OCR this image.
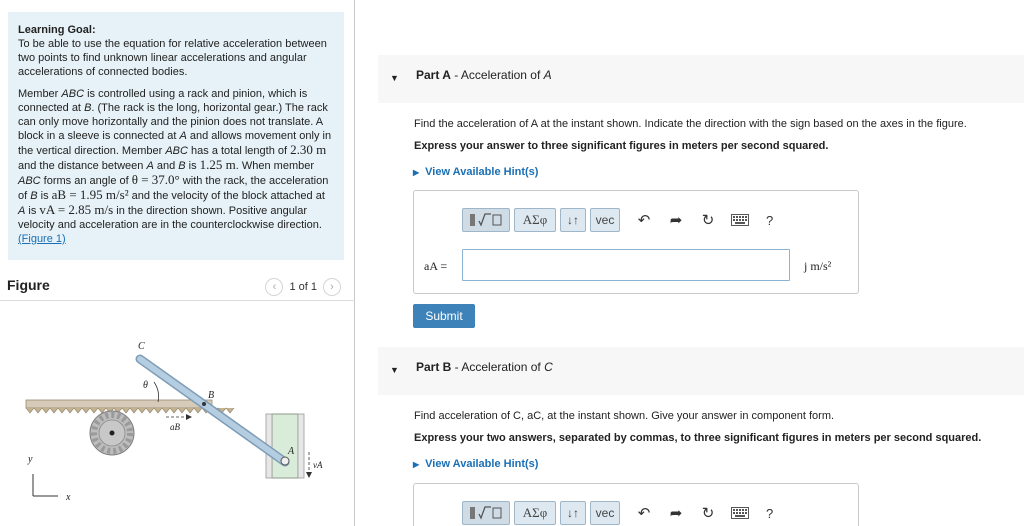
Learning Goal:

To be able to use the equation for relative acceleration between two points to find unknown linear accelerations and angular accelerations of connected bodies.

Member ABC is controlled using a rack and pinion, which is connected at B. (The rack is the long, horizontal gear.) The rack can only move horizontally and the pinion does not translate. A block in a sleeve is connected at A and allows movement only in the vertical direction. Member ABC has a total length of 2.30 m and the distance between A and B is 1.25 m. When member ABC forms an angle of θ = 37.0° with the rack, the acceleration of B is aB = 1.95 m/s² and the velocity of the block attached at A is vA = 2.85 m/s in the direction shown. Positive angular velocity and acceleration are in the counterclockwise direction.(Figure 1)

Figure	‹	1 of 1	›
C
θ
B
aB
A
vA
y
x
▼ Part A - Acceleration of A
Find the acceleration of A at the instant shown. Indicate the direction with the sign based on the axes in the figure.
Express your answer to three significant figures in meters per second squared.
▶ View Available Hint(s)
ΑΣφ	↓↑	vec	↶	➦	↻	?
aA =	j m/s²
Submit
▼ Part B - Acceleration of C
Find acceleration of C, aC, at the instant shown. Give your answer in component form.
Express your two answers, separated by commas, to three significant figures in meters per second squared.
▶ View Available Hint(s)
ΑΣφ	↓↑	vec	↶	➦	↻	?
